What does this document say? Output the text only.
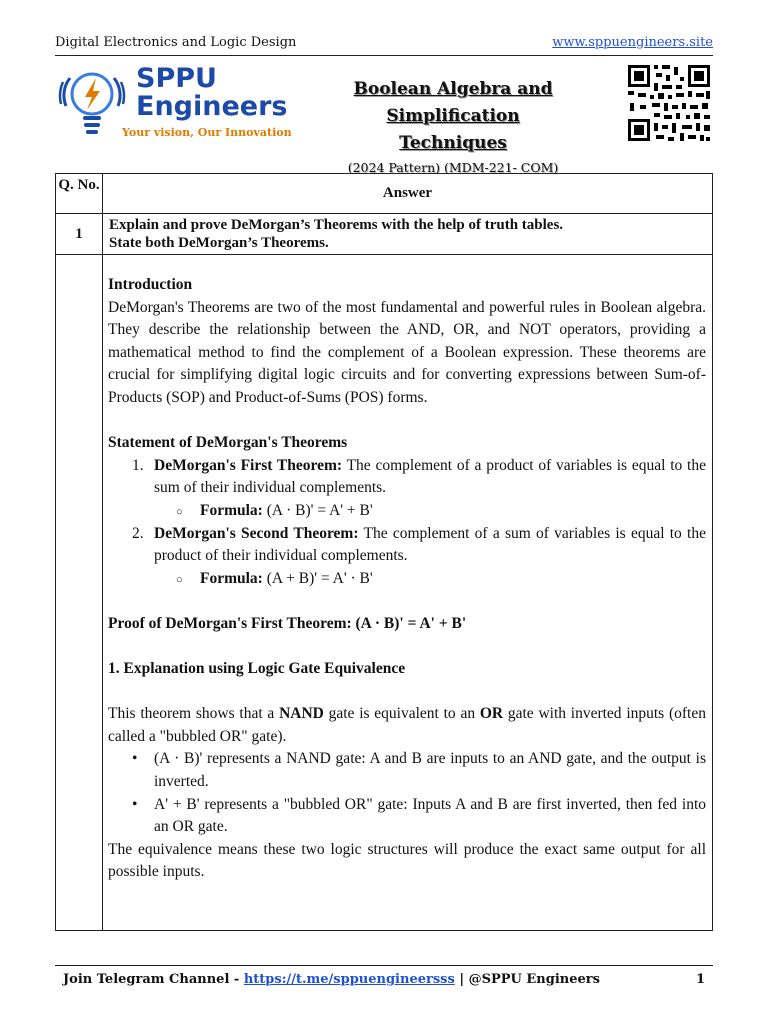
Digital Electronics and Logic Design	www.sppuengineers.site
SPPU
Engineers
Your vision, Our Innovation
Boolean Algebra and Simplification
Techniques
(2024 Pattern) (MDM-221- COM)
Q. No.	Answer
1
Explain and prove DeMorgan’s Theorems with the help of truth tables.
State both DeMorgan’s Theorems.

Introduction

DeMorgan's Theorems are two of the most fundamental and powerful rules in Boolean algebra. They describe the relationship between the AND, OR, and NOT operators, providing a mathematical method to find the complement of a Boolean expression. These theorems are crucial for simplifying digital logic circuits and for converting expressions between Sum-of-Products (SOP) and Product-of-Sums (POS) forms.

Statement of DeMorgan's Theorems

1. DeMorgan's First Theorem: The complement of a product of variables is equal to the sum of their individual complements.
○ Formula: (A · B)' = A' + B'
2. DeMorgan's Second Theorem: The complement of a sum of variables is equal to the product of their individual complements.
○ Formula: (A + B)' = A' · B'

Proof of DeMorgan's First Theorem: (A · B)' = A' + B'

1. Explanation using Logic Gate Equivalence

This theorem shows that a NAND gate is equivalent to an OR gate with inverted inputs (often called a "bubbled OR" gate).

• (A · B)' represents a NAND gate: A and B are inputs to an AND gate, and the output is inverted.
• A' + B' represents a "bubbled OR" gate: Inputs A and B are first inverted, then fed into an OR gate.

The equivalence means these two logic structures will produce the exact same output for all possible inputs.

Join Telegram Channel - https://t.me/sppuengineersss | @SPPU Engineers	1
